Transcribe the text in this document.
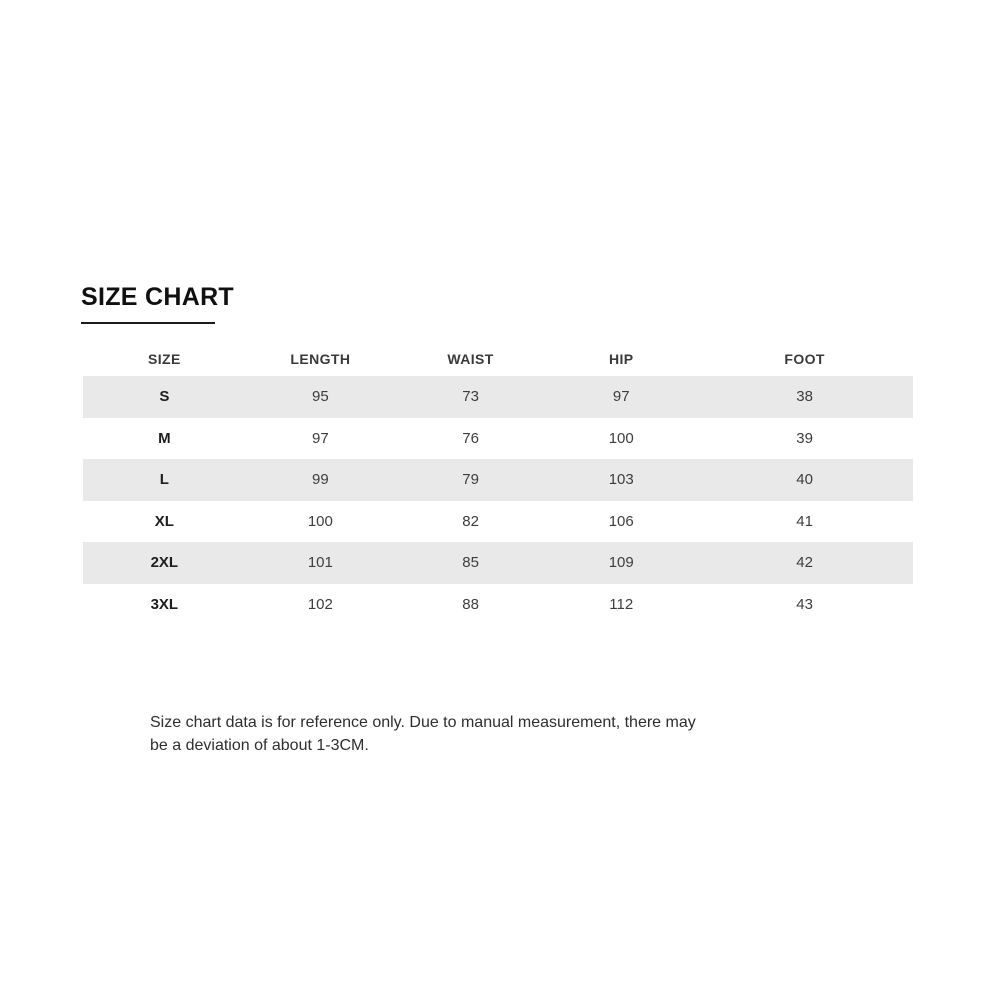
SIZE CHART
SIZE	LENGTH	WAIST	HIP	FOOT
S	95	73	97	38
M	97	76	100	39
L	99	79	103	40
XL	100	82	106	41
2XL	101	85	109	42
3XL	102	88	112	43

Size chart data is for reference only. Due to manual measurement, there may
be a deviation of about 1-3CM.
